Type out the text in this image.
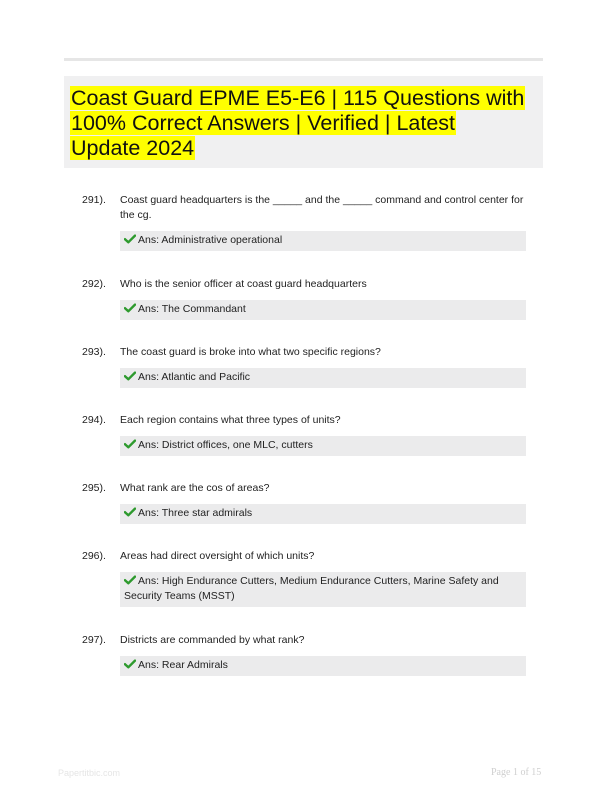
Coast Guard EPME E5-E6 | 115 Questions with 100% Correct Answers | Verified | Latest Update 2024
291).	Coast guard headquarters is the _____ and the _____ command and control center for the cg.
Ans: Administrative operational
292).	Who is the senior officer at coast guard headquarters
Ans: The Commandant
293).	The coast guard is broke into what two specific regions?
Ans: Atlantic and Pacific
294).	Each region contains what three types of units?
Ans: District offices, one MLC, cutters
295).	What rank are the cos of areas?
Ans: Three star admirals
296).	Areas had direct oversight of which units?
Ans: High Endurance Cutters, Medium Endurance Cutters, Marine Safety and Security Teams (MSST)
297).	Districts are commanded by what rank?
Ans: Rear Admirals
Papertitbic.com	Page 1 of 15
